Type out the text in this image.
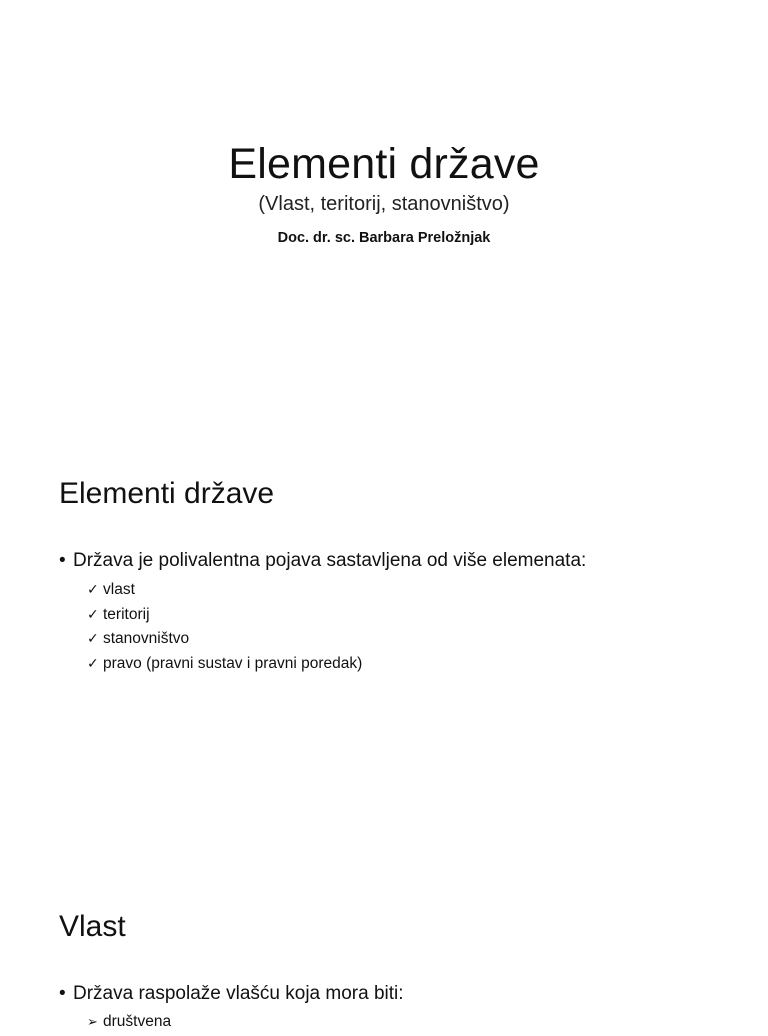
Elementi države
(Vlast, teritorij, stanovništvo)
Doc. dr. sc. Barbara Preložnjak
Elementi države
• Država je polivalentna pojava sastavljena od više elemenata:
✓ vlast
✓ teritorij
✓ stanovništvo
✓ pravo (pravni sustav i pravni poredak)
Vlast
• Država raspolaže vlašću koja mora biti:
➢ društvena
